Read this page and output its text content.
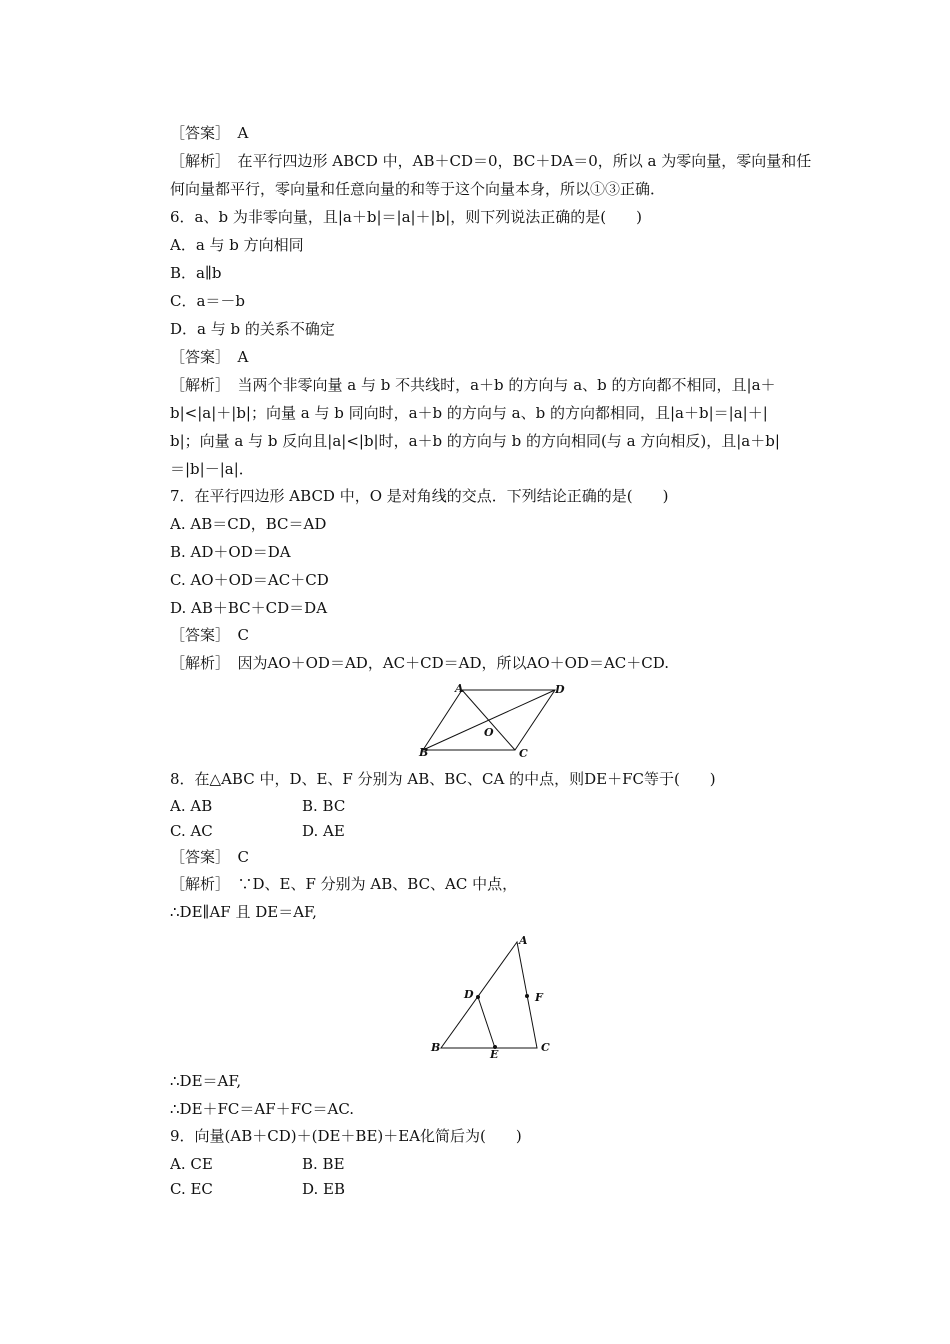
［答案］　A
［解析］　在平行四边形 ABCD 中，AB＋CD＝0，BC＋DA＝0，所以 a 为零向量，零向量和任
何向量都平行，零向量和任意向量的和等于这个向量本身，所以①③正确．
6．a、b 为非零向量，且|a＋b|＝|a|＋|b|，则下列说法正确的是(　　)
A．a 与 b 方向相同
B．a∥b
C．a＝－b
D．a 与 b 的关系不确定
［答案］　A
［解析］　当两个非零向量 a 与 b 不共线时，a＋b 的方向与 a、b 的方向都不相同，且|a＋
b|<|a|＋|b|；向量 a 与 b 同向时，a＋b 的方向与 a、b 的方向都相同，且|a＋b|＝|a|＋|
b|；向量 a 与 b 反向且|a|<|b|时，a＋b 的方向与 b 的方向相同(与 a 方向相反)，且|a＋b|
＝|b|－|a|．
7．在平行四边形 ABCD 中，O 是对角线的交点．下列结论正确的是(　　)
A. AB＝CD，BC＝AD
B. AD＋OD＝DA
C. AO＋OD＝AC＋CD
D. AB＋BC＋CD＝DA
［答案］　C
［解析］　因为AO＋OD＝AD，AC＋CD＝AD，所以AO＋OD＝AC＋CD.
A	D
B	C
O
8．在△ABC 中，D、E、F 分别为 AB、BC、CA 的中点，则DE＋FC等于(　　)
A. AB	B. BC
C. AC	D. AE
［答案］　C
［解析］　∵D、E、F 分别为 AB、BC、AC 中点，
∴DE∥AF 且 DE＝AF,
A
D	F
B
E
C
∴DE＝AF,
∴DE＋FC＝AF＋FC＝AC.
9．向量(AB＋CD)＋(DE＋BE)＋EA化简后为(　　)
A. CE	B. BE
C. EC	D. EB
